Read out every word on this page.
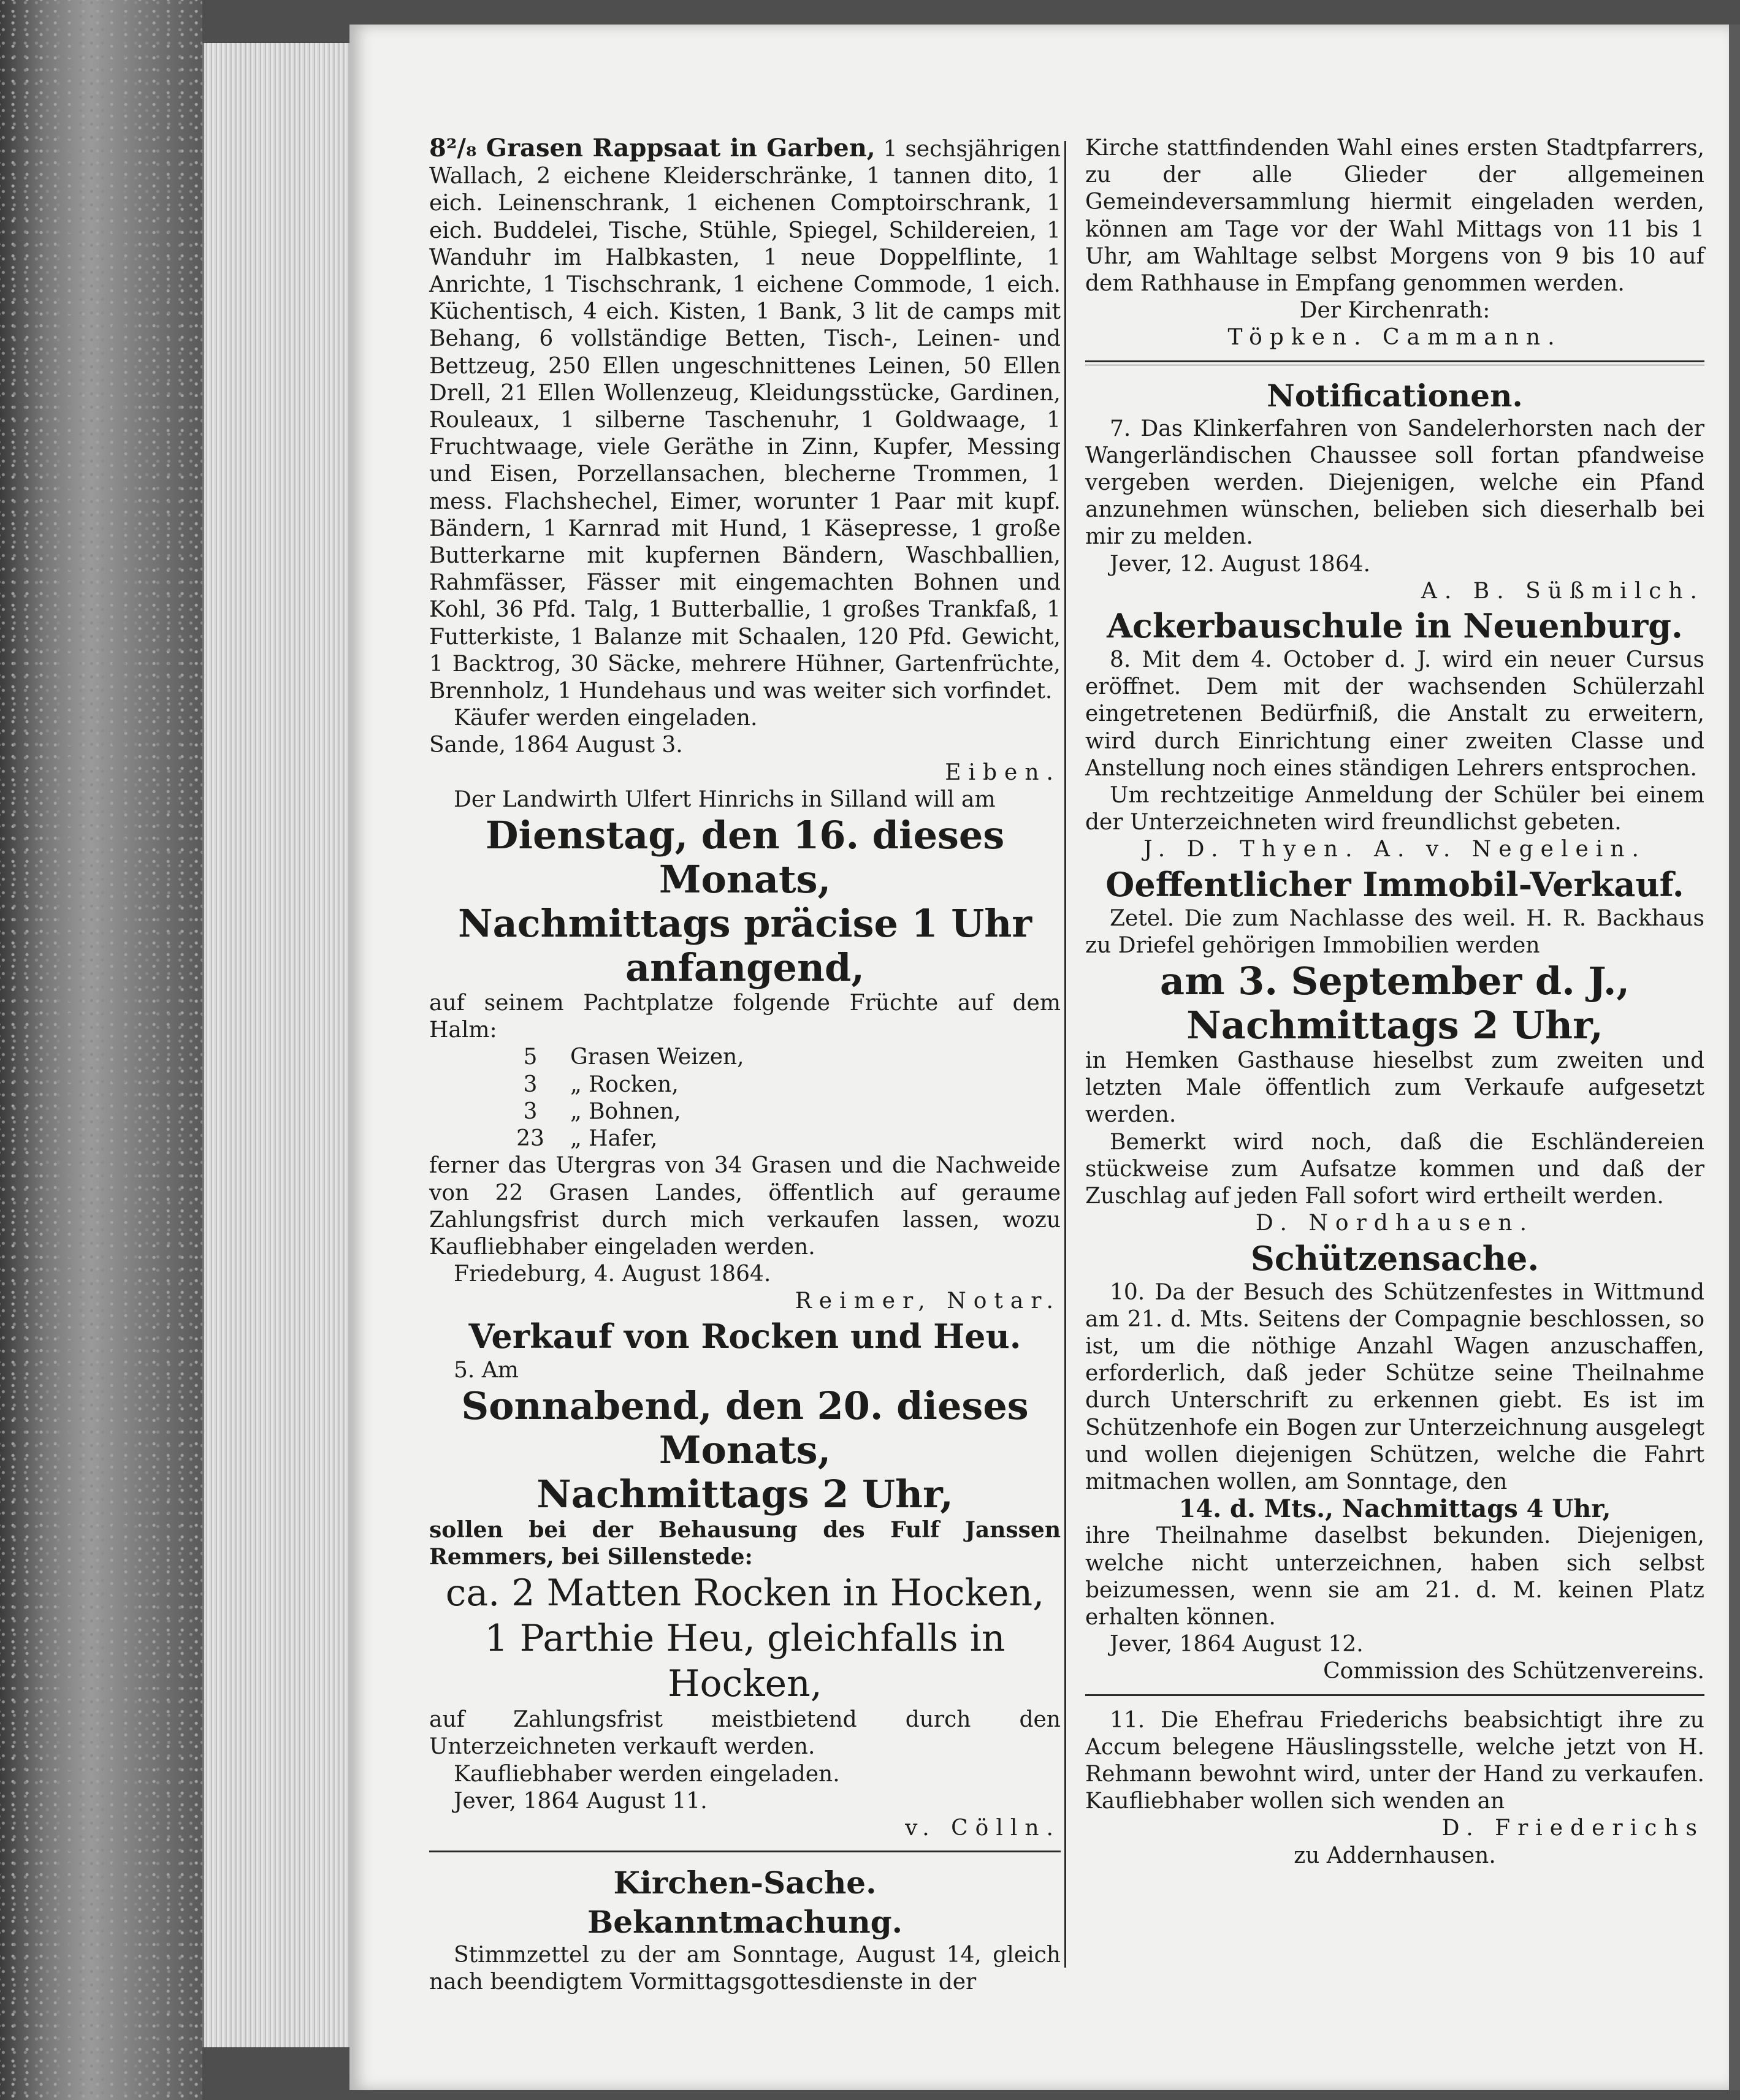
8²/₈ Grasen Rappsaat in Garben, 1 sechsjährigen Wallach, 2 eichene Kleiderschränke, 1 tannen dito, 1 eich. Leinenschrank, 1 eichenen Comptoirschrank, 1 eich. Buddelei, Tische, Stühle, Spiegel, Schildereien, 1 Wanduhr im Halbkasten, 1 neue Doppelflinte, 1 Anrichte, 1 Tischschrank, 1 eichene Commode, 1 eich. Küchentisch, 4 eich. Kisten, 1 Bank, 3 lit de camps mit Behang, 6 vollständige Betten, Tisch-, Leinen- und Bettzeug, 250 Ellen ungeschnittenes Leinen, 50 Ellen Drell, 21 Ellen Wollenzeug, Kleidungsstücke, Gardinen, Rouleaux, 1 silberne Taschenuhr, 1 Goldwaage, 1 Fruchtwaage, viele Geräthe in Zinn, Kupfer, Messing und Eisen, Porzellansachen, blecherne Trommen, 1 mess. Flachshechel, Eimer, worunter 1 Paar mit kupf. Bändern, 1 Karnrad mit Hund, 1 Käsepresse, 1 große Butterkarne mit kupfernen Bändern, Waschballien, Rahmfässer, Fässer mit eingemachten Bohnen und Kohl, 36 Pfd. Talg, 1 Butterballie, 1 großes Trankfaß, 1 Futterkiste, 1 Balanze mit Schaalen, 120 Pfd. Gewicht, 1 Backtrog, 30 Säcke, mehrere Hühner, Gartenfrüchte, Brennholz, 1 Hundehaus und was weiter sich vorfindet.

Käufer werden eingeladen.

Sande, 1864 August 3.

Eiben.

Der Landwirth Ulfert Hinrichs in Silland will am

Dienstag, den 16. dieses Monats,

Nachmittags präcise 1 Uhr anfangend,

auf seinem Pachtplatze folgende Früchte auf dem Halm:

5	Grasen Weizen,
3	„ Rocken,
3	„ Bohnen,
23	„ Hafer,

ferner das Utergras von 34 Grasen und die Nachweide von 22 Grasen Landes, öffentlich auf geraume Zahlungsfrist durch mich verkaufen lassen, wozu Kaufliebhaber eingeladen werden.

Friedeburg, 4. August 1864.

Reimer, Notar.

Verkauf von Rocken und Heu.

5. Am

Sonnabend, den 20. dieses Monats,

Nachmittags 2 Uhr,

sollen bei der Behausung des Fulf Janssen Remmers, bei Sillenstede:

ca. 2 Matten Rocken in Hocken,

1 Parthie Heu, gleichfalls in Hocken,

auf Zahlungsfrist meistbietend durch den Unterzeichneten verkauft werden.

Kaufliebhaber werden eingeladen.

Jever, 1864 August 11.

v. Cölln.

Kirchen-Sache.

Bekanntmachung.

Stimmzettel zu der am Sonntage, August 14, gleich nach beendigtem Vormittagsgottesdienste in der

Kirche stattfindenden Wahl eines ersten Stadtpfarrers, zu der alle Glieder der allgemeinen Gemeindeversammlung hiermit eingeladen werden, können am Tage vor der Wahl Mittags von 11 bis 1 Uhr, am Wahltage selbst Morgens von 9 bis 10 auf dem Rathhause in Empfang genommen werden.

Der Kirchenrath:

Töpken. Cammann.

Notificationen.

7. Das Klinkerfahren von Sandelerhorsten nach der Wangerländischen Chaussee soll fortan pfandweise vergeben werden. Diejenigen, welche ein Pfand anzunehmen wünschen, belieben sich dieserhalb bei mir zu melden.

Jever, 12. August 1864.

A. B. Süßmilch.

Ackerbauschule in Neuenburg.

8. Mit dem 4. October d. J. wird ein neuer Cursus eröffnet. Dem mit der wachsenden Schülerzahl eingetretenen Bedürfniß, die Anstalt zu erweitern, wird durch Einrichtung einer zweiten Classe und Anstellung noch eines ständigen Lehrers entsprochen.

Um rechtzeitige Anmeldung der Schüler bei einem der Unterzeichneten wird freundlichst gebeten.

J. D. Thyen. A. v. Negelein.

Oeffentlicher Immobil-Verkauf.

Zetel. Die zum Nachlasse des weil. H. R. Backhaus zu Driefel gehörigen Immobilien werden

am 3. September d. J.,

Nachmittags 2 Uhr,

in Hemken Gasthause hieselbst zum zweiten und letzten Male öffentlich zum Verkaufe aufgesetzt werden.

Bemerkt wird noch, daß die Eschländereien stückweise zum Aufsatze kommen und daß der Zuschlag auf jeden Fall sofort wird ertheilt werden.

D. Nordhausen.

Schützensache.

10. Da der Besuch des Schützenfestes in Wittmund am 21. d. Mts. Seitens der Compagnie beschlossen, so ist, um die nöthige Anzahl Wagen anzuschaffen, erforderlich, daß jeder Schütze seine Theilnahme durch Unterschrift zu erkennen giebt. Es ist im Schützenhofe ein Bogen zur Unterzeichnung ausgelegt und wollen diejenigen Schützen, welche die Fahrt mitmachen wollen, am Sonntage, den

14. d. Mts., Nachmittags 4 Uhr,

ihre Theilnahme daselbst bekunden. Diejenigen, welche nicht unterzeichnen, haben sich selbst beizumessen, wenn sie am 21. d. M. keinen Platz erhalten können.

Jever, 1864 August 12.

Commission des Schützenvereins.

11. Die Ehefrau Friederichs beabsichtigt ihre zu Accum belegene Häuslingsstelle, welche jetzt von H. Rehmann bewohnt wird, unter der Hand zu verkaufen. Kaufliebhaber wollen sich wenden an

D. Friederichs

zu Addernhausen.
